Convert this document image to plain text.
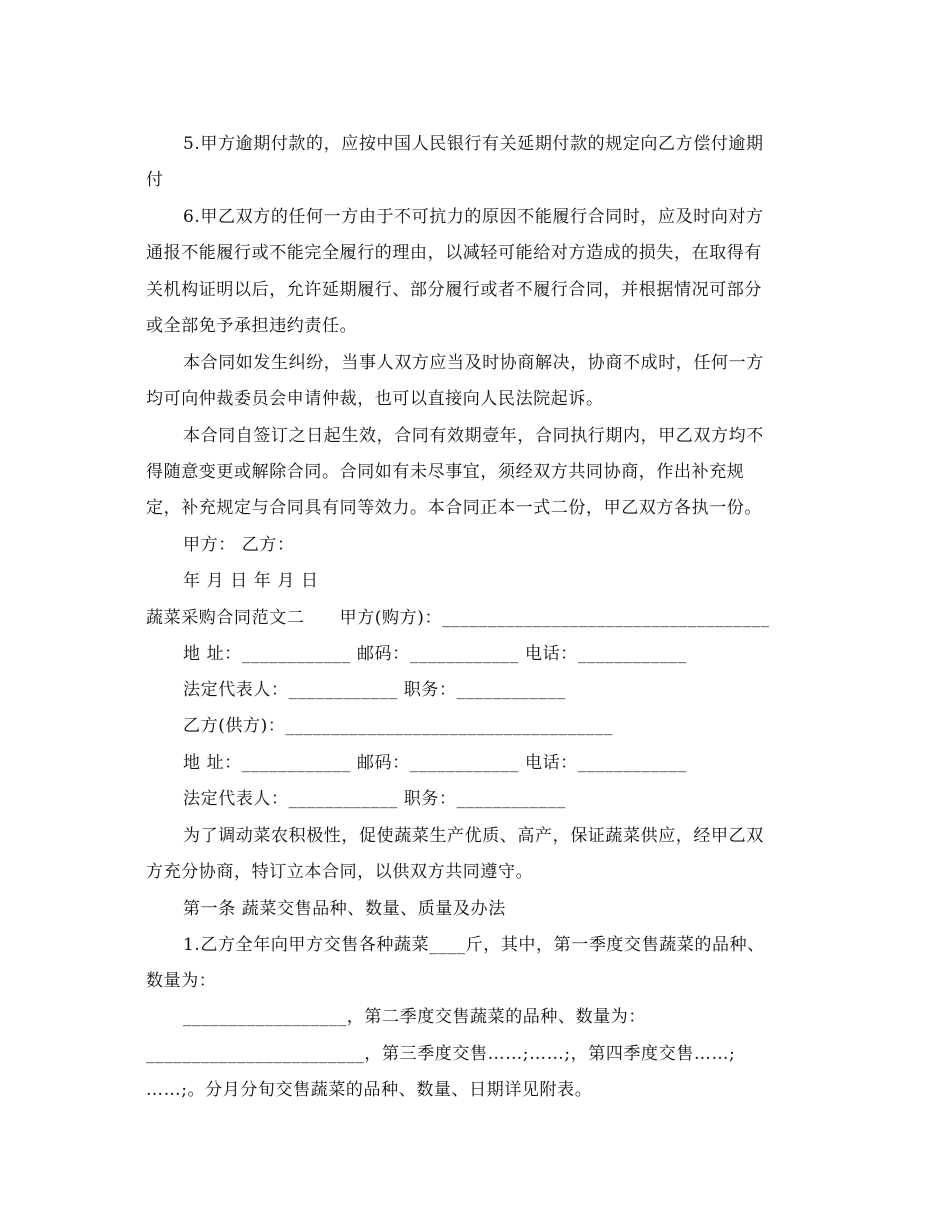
5.甲方逾期付款的，应按中国人民银行有关延期付款的规定向乙方偿付逾期
付
6.甲乙双方的任何一方由于不可抗力的原因不能履行合同时，应及时向对方
通报不能履行或不能完全履行的理由，以减轻可能给对方造成的损失，在取得有
关机构证明以后，允许延期履行、部分履行或者不履行合同，并根据情况可部分
或全部免予承担违约责任。
本合同如发生纠纷，当事人双方应当及时协商解决，协商不成时，任何一方
均可向仲裁委员会申请仲裁，也可以直接向人民法院起诉。
本合同自签订之日起生效，合同有效期壹年，合同执行期内，甲乙双方均不
得随意变更或解除合同。合同如有未尽事宜，须经双方共同协商，作出补充规
定，补充规定与合同具有同等效力。本合同正本一式二份，甲乙双方各执一份。
甲方： 乙方：
年 月 日 年 月 日
蔬菜采购合同范文二　　甲方(购方)：____________________________________
地 址：____________ 邮码：____________ 电话：____________
法定代表人：____________ 职务：____________
乙方(供方)：____________________________________
地 址：____________ 邮码：____________ 电话：____________
法定代表人：____________ 职务：____________
为了调动菜农积极性，促使蔬菜生产优质、高产，保证蔬菜供应，经甲乙双
方充分协商，特订立本合同，以供双方共同遵守。
第一条 蔬菜交售品种、数量、质量及办法
1.乙方全年向甲方交售各种蔬菜____斤，其中，第一季度交售蔬菜的品种、
数量为：
__________________，第二季度交售蔬菜的品种、数量为：
________________________，第三季度交售……;……;，第四季度交售……;
……;。分月分旬交售蔬菜的品种、数量、日期详见附表。
